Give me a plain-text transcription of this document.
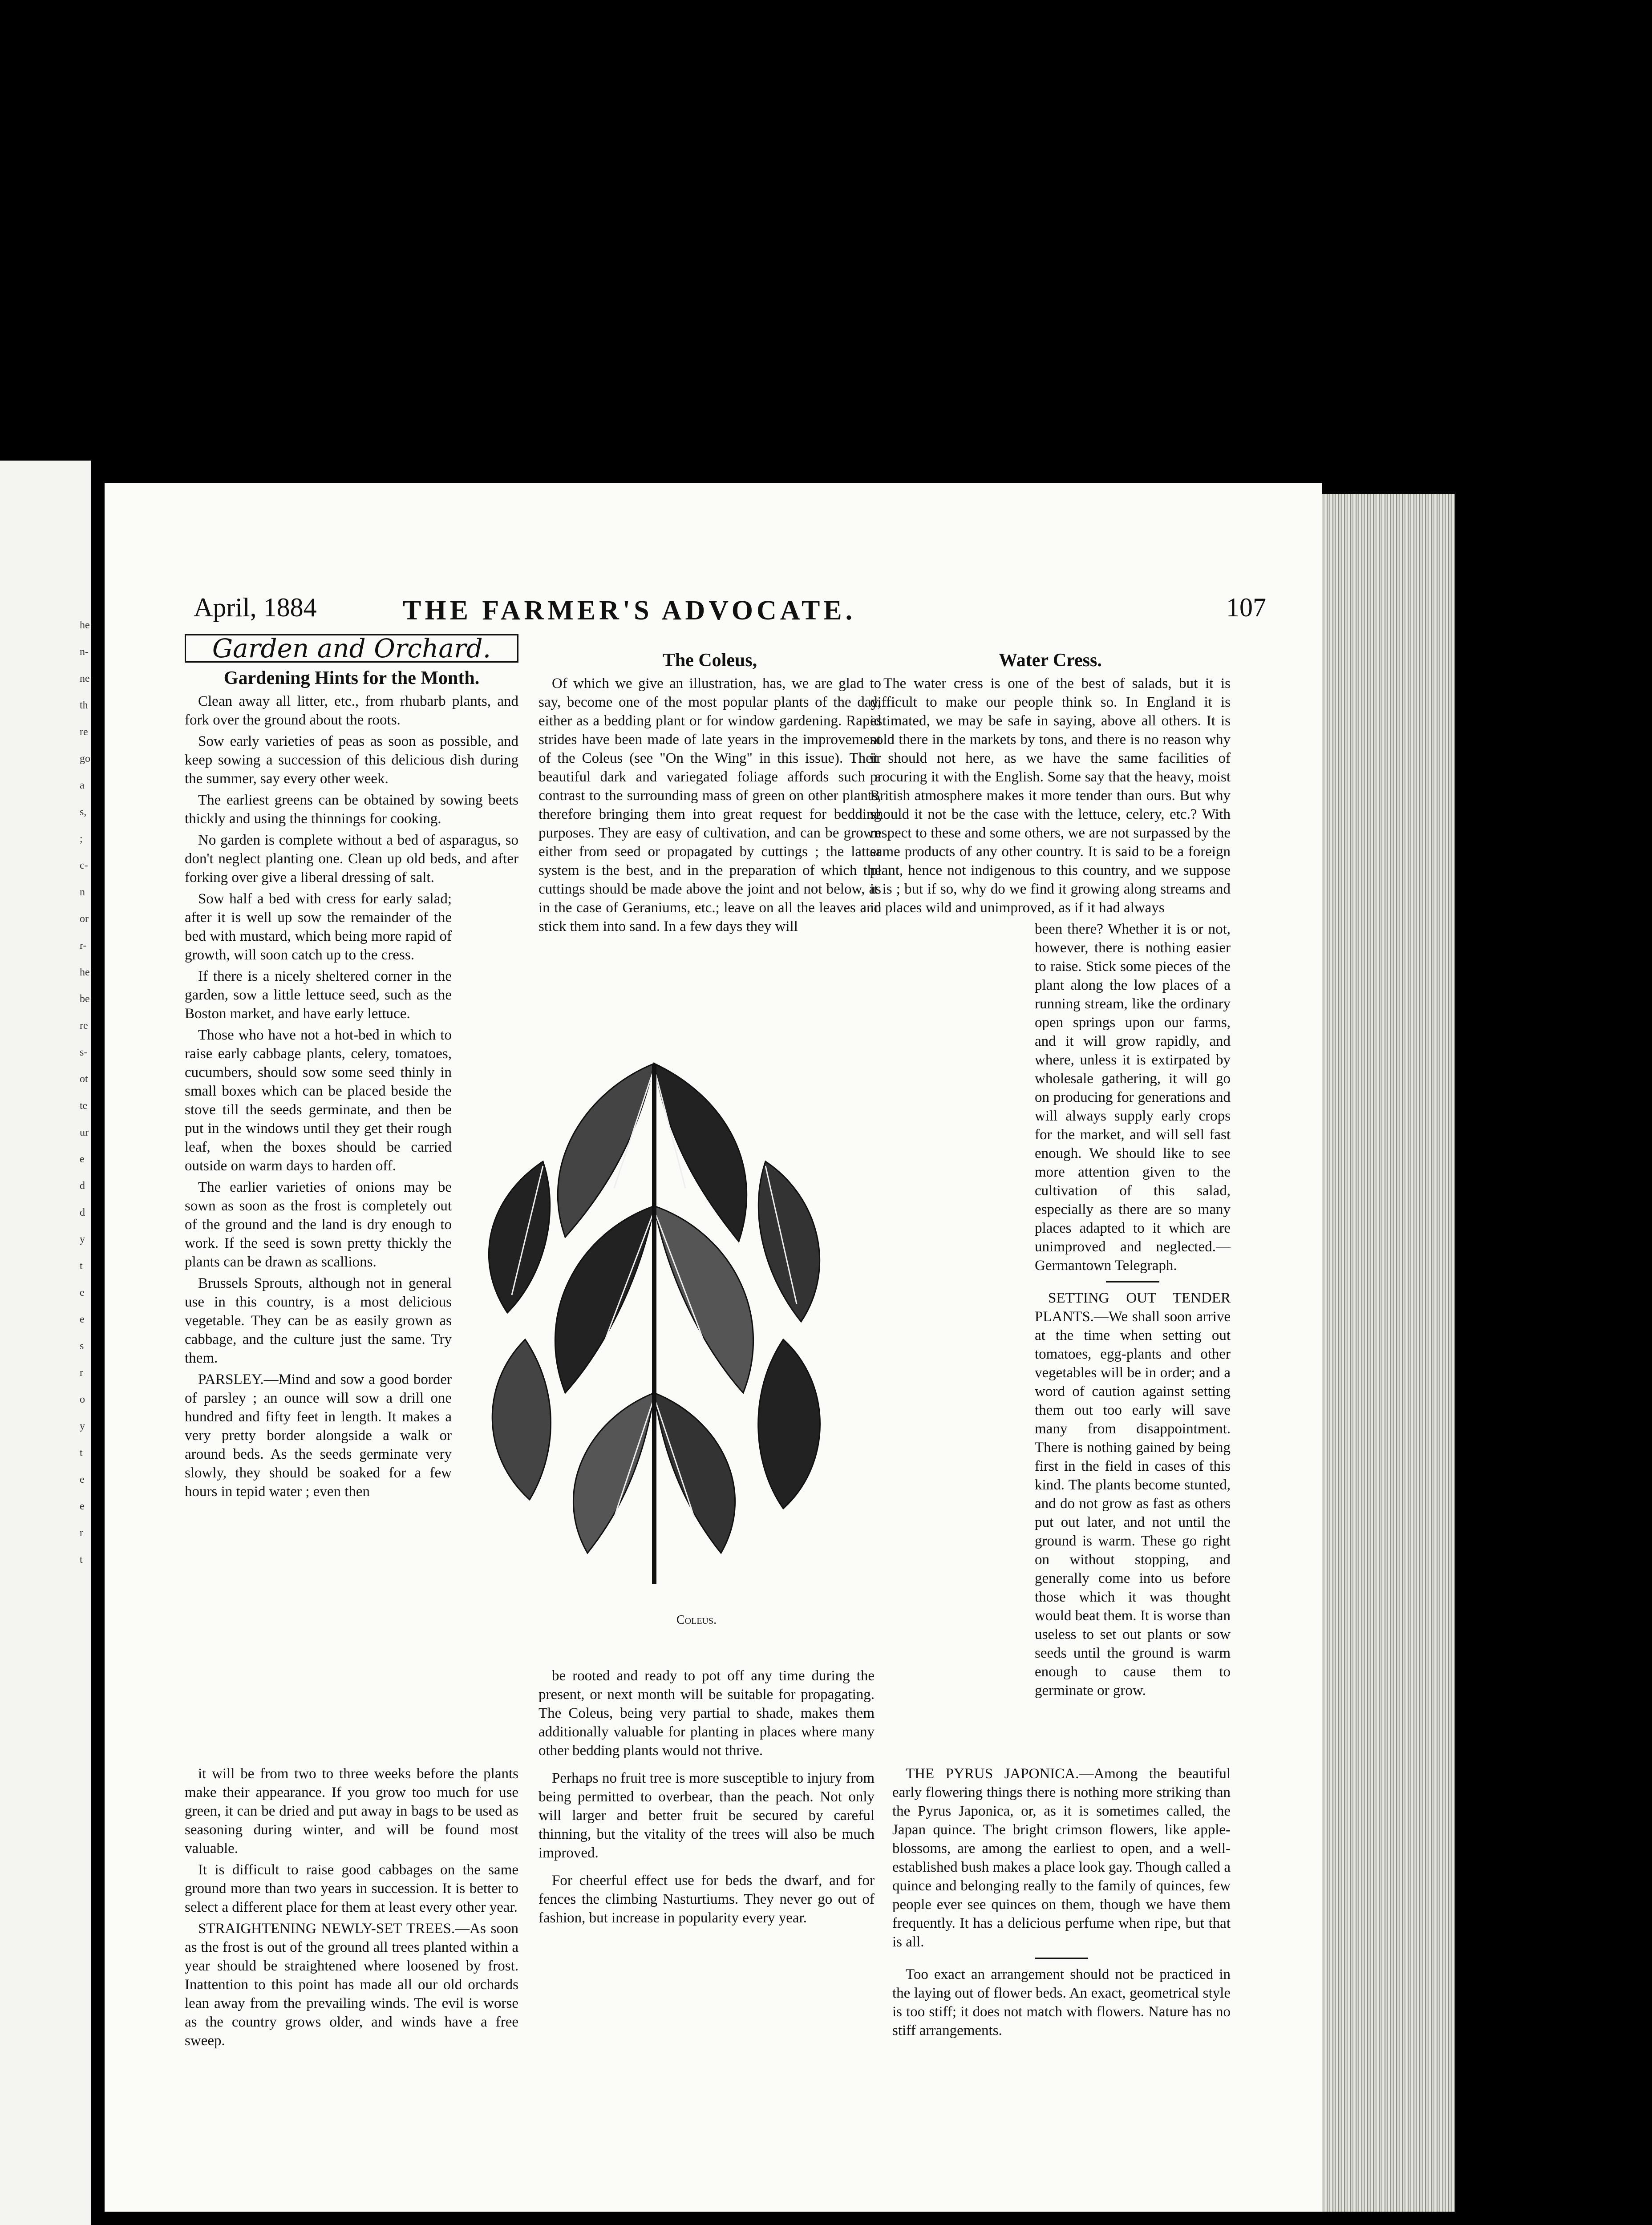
he
n-
ne
th
re
go
a
s,
;
c-
n
or
r-
he
be
re
s-
ot
te
ur
e
d
d
y
t
e
e
s
r
o
y
t
e
e
r
t
April, 1884	THE FARMER'S ADVOCATE.	107
Garden and Orchard.
Gardening Hints for the Month.

Clean away all litter, etc., from rhubarb plants, and fork over the ground about the roots.

Sow early varieties of peas as soon as possible, and keep sowing a succession of this delicious dish during the summer, say every other week.

The earliest greens can be obtained by sowing beets thickly and using the thinnings for cooking.

No garden is complete without a bed of asparagus, so don't neglect planting one. Clean up old beds, and after forking over give a liberal dressing of salt.

Sow half a bed with cress for early salad; after it is well up sow the remainder of the bed with mustard, which being more rapid of growth, will soon catch up to the cress.

If there is a nicely sheltered corner in the garden, sow a little lettuce seed, such as the Boston market, and have early lettuce.

Those who have not a hot-bed in which to raise early cabbage plants, celery, tomatoes, cucumbers, should sow some seed thinly in small boxes which can be placed beside the stove till the seeds germinate, and then be put in the windows until they get their rough leaf, when the boxes should be carried outside on warm days to harden off.

The earlier varieties of onions may be sown as soon as the frost is completely out of the ground and the land is dry enough to work. If the seed is sown pretty thickly the plants can be drawn as scallions.

Brussels Sprouts, although not in general use in this country, is a most delicious vegetable. They can be as easily grown as cabbage, and the culture just the same. Try them.

PARSLEY.—Mind and sow a good border of parsley ; an ounce will sow a drill one hundred and fifty feet in length. It makes a very pretty border alongside a walk or around beds. As the seeds germinate very slowly, they should be soaked for a few hours in tepid water ; even then

it will be from two to three weeks before the plants make their appearance. If you grow too much for use green, it can be dried and put away in bags to be used as seasoning during winter, and will be found most valuable.

It is difficult to raise good cabbages on the same ground more than two years in succession. It is better to select a different place for them at least every other year.

STRAIGHTENING NEWLY-SET TREES.—As soon as the frost is out of the ground all trees planted within a year should be straightened where loosened by frost. Inattention to this point has made all our old orchards lean away from the prevailing winds. The evil is worse as the country grows older, and winds have a free sweep.

The Coleus,

Of which we give an illustration, has, we are glad to say, become one of the most popular plants of the day, either as a bedding plant or for window gardening. Rapid strides have been made of late years in the improvement of the Coleus (see "On the Wing" in this issue). Their beautiful dark and variegated foliage affords such a contrast to the surrounding mass of green on other plants, therefore bringing them into great request for bedding purposes. They are easy of cultivation, and can be grown either from seed or propagated by cuttings ; the latter system is the best, and in the preparation of which the cuttings should be made above the joint and not below, as in the case of Geraniums, etc.; leave on all the leaves and stick them into sand. In a few days they will

Coleus.

be rooted and ready to pot off any time during the present, or next month will be suitable for propagating. The Coleus, being very partial to shade, makes them additionally valuable for planting in places where many other bedding plants would not thrive.

Perhaps no fruit tree is more susceptible to injury from being permitted to overbear, than the peach. Not only will larger and better fruit be secured by careful thinning, but the vitality of the trees will also be much improved.

For cheerful effect use for beds the dwarf, and for fences the climbing Nasturtiums. They never go out of fashion, but increase in popularity every year.

Water Cress.

The water cress is one of the best of salads, but it is difficult to make our people think so. In England it is estimated, we may be safe in saying, above all others. It is sold there in the markets by tons, and there is no reason why it should not here, as we have the same facilities of procuring it with the English. Some say that the heavy, moist British atmosphere makes it more tender than ours. But why should it not be the case with the lettuce, celery, etc.? With respect to these and some others, we are not surpassed by the same products of any other country. It is said to be a foreign plant, hence not indigenous to this country, and we suppose it is ; but if so, why do we find it growing along streams and in places wild and unimproved, as if it had always

been there? Whether it is or not, however, there is nothing easier to raise. Stick some pieces of the plant along the low places of a running stream, like the ordinary open springs upon our farms, and it will grow rapidly, and where, unless it is extirpated by wholesale gathering, it will go on producing for generations and will always supply early crops for the market, and will sell fast enough. We should like to see more attention given to the cultivation of this salad, especially as there are so many places adapted to it which are unimproved and neglected.—Germantown Telegraph.

SETTING OUT TENDER PLANTS.—We shall soon arrive at the time when setting out tomatoes, egg-plants and other vegetables will be in order; and a word of caution against setting them out too early will save many from disappointment. There is nothing gained by being first in the field in cases of this kind. The plants become stunted, and do not grow as fast as others put out later, and not until the ground is warm. These go right on without stopping, and generally come into us before those which it was thought would beat them. It is worse than useless to set out plants or sow seeds until the ground is warm enough to cause them to germinate or grow.

THE PYRUS JAPONICA.—Among the beautiful early flowering things there is nothing more striking than the Pyrus Japonica, or, as it is sometimes called, the Japan quince. The bright crimson flowers, like apple-blossoms, are among the earliest to open, and a well-established bush makes a place look gay. Though called a quince and belonging really to the family of quinces, few people ever see quinces on them, though we have them frequently. It has a delicious perfume when ripe, but that is all.

Too exact an arrangement should not be practiced in the laying out of flower beds. An exact, geometrical style is too stiff; it does not match with flowers. Nature has no stiff arrangements.
